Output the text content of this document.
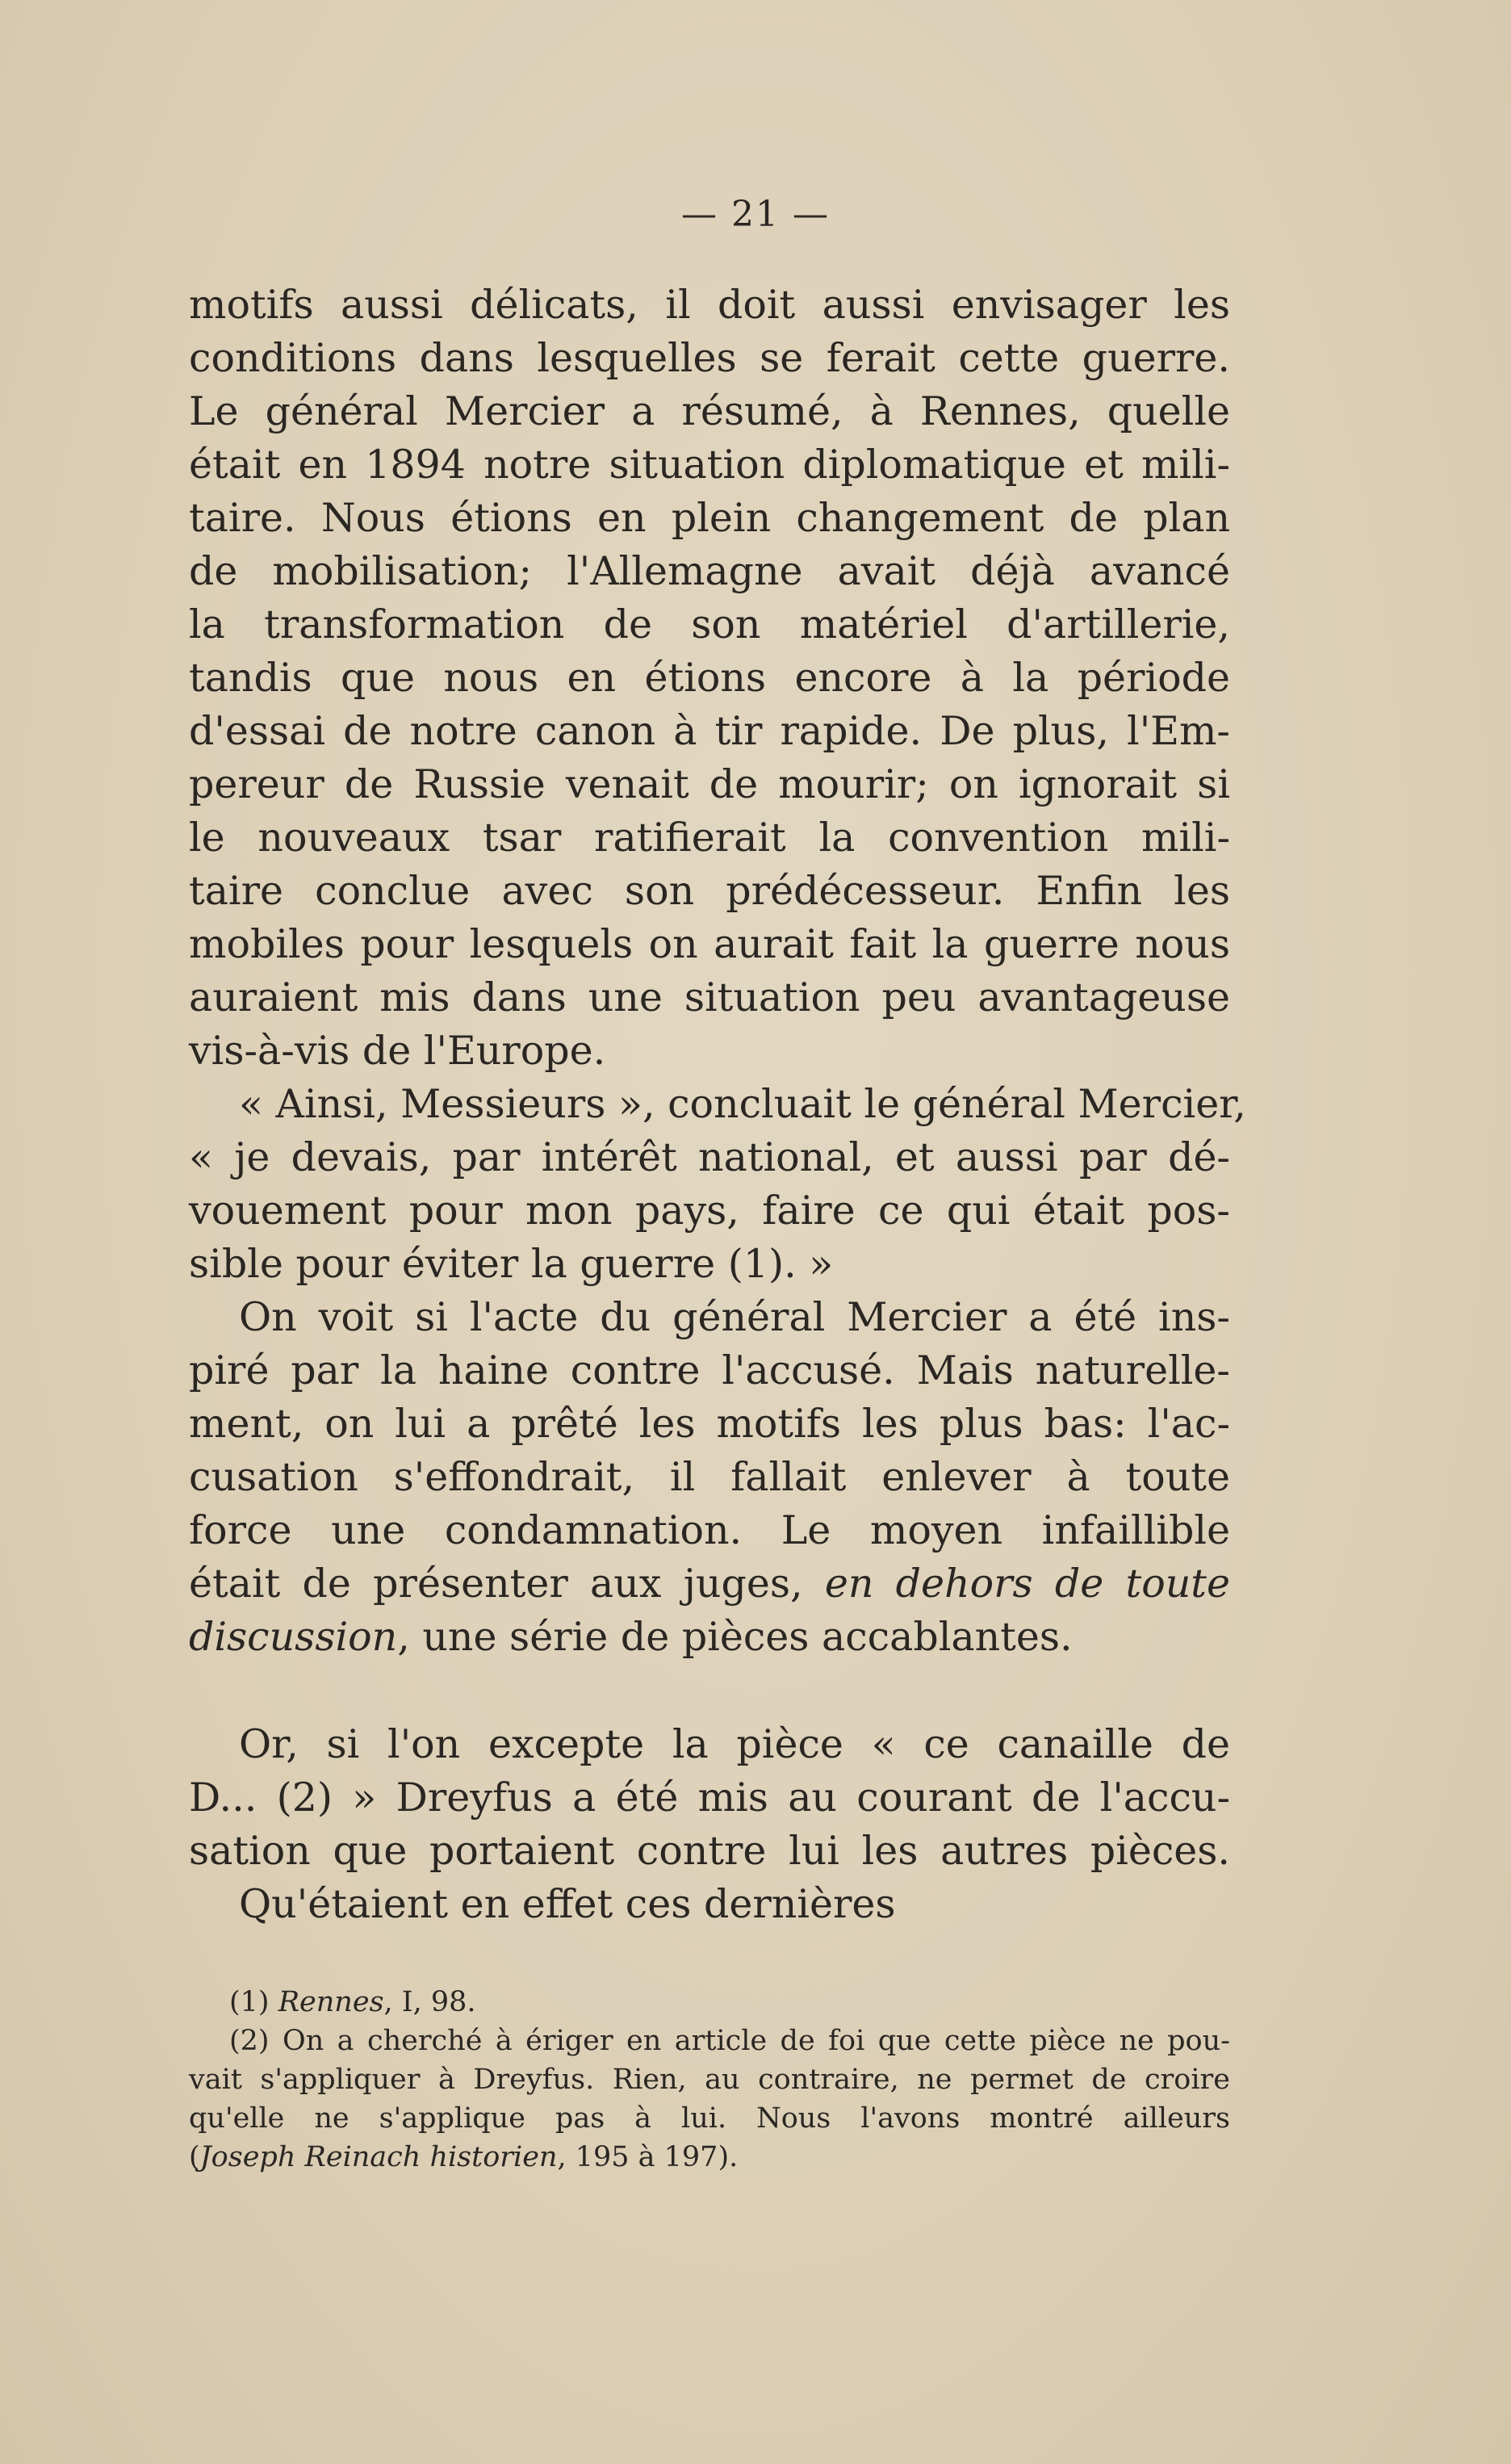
— 21 —
motifs aussi délicats, il doit aussi envisager les
conditions dans lesquelles se ferait cette guerre.
Le général Mercier a résumé, à Rennes, quelle
était en 1894 notre situation diplomatique et mili-
taire. Nous étions en plein changement de plan
de mobilisation; l'Allemagne avait déjà avancé
la transformation de son matériel d'artillerie,
tandis que nous en étions encore à la période
d'essai de notre canon à tir rapide. De plus, l'Em-
pereur de Russie venait de mourir; on ignorait si
le nouveaux tsar ratifierait la convention mili-
taire conclue avec son prédécesseur. Enfin les
mobiles pour lesquels on aurait fait la guerre nous
auraient mis dans une situation peu avantageuse
vis-à-vis de l'Europe.
« Ainsi, Messieurs », concluait le général Mercier,
« je devais, par intérêt national, et aussi par dé-
vouement pour mon pays, faire ce qui était pos-
sible pour éviter la guerre (1). »
On voit si l'acte du général Mercier a été ins-
piré par la haine contre l'accusé. Mais naturelle-
ment, on lui a prêté les motifs les plus bas: l'ac-
cusation s'effondrait, il fallait enlever à toute
force une condamnation. Le moyen infaillible
était de présenter aux juges, en dehors de toute
discussion, une série de pièces accablantes.
Or, si l'on excepte la pièce « ce canaille de
D... (2) » Dreyfus a été mis au courant de l'accu-
sation que portaient contre lui les autres pièces.
Qu'étaient en effet ces dernières
(1) Rennes, I, 98.
(2) On a cherché à ériger en article de foi que cette pièce ne pou-
vait s'appliquer à Dreyfus. Rien, au contraire, ne permet de croire
qu'elle ne s'applique pas à lui. Nous l'avons montré ailleurs
(Joseph Reinach historien, 195 à 197).
